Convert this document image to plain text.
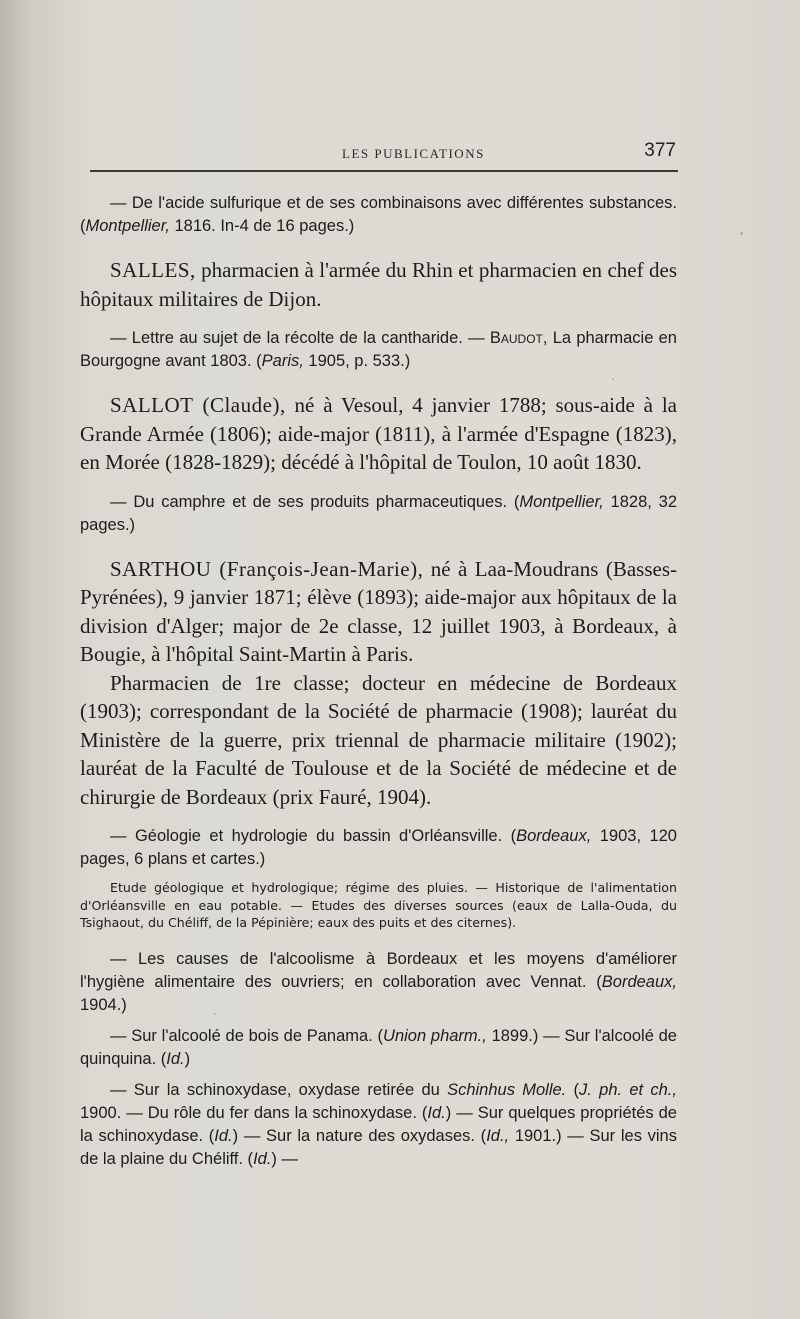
LES PUBLICATIONS	377

— De l'acide sulfurique et de ses combinaisons avec différentes substances. (Montpellier, 1816. In-4 de 16 pages.)

SALLES, pharmacien à l'armée du Rhin et pharmacien en chef des hôpitaux militaires de Dijon.

— Lettre au sujet de la récolte de la cantharide. — Baudot, La pharmacie en Bourgogne avant 1803. (Paris, 1905, p. 533.)

SALLOT (Claude), né à Vesoul, 4 janvier 1788; sous-aide à la Grande Armée (1806); aide-major (1811), à l'armée d'Espagne (1823), en Morée (1828-1829); décédé à l'hôpital de Toulon, 10 août 1830.

— Du camphre et de ses produits pharmaceutiques. (Montpellier, 1828, 32 pages.)

SARTHOU (François-Jean-Marie), né à Laa-Moudrans (Basses-Pyrénées), 9 janvier 1871; élève (1893); aide-major aux hôpitaux de la division d'Alger; major de 2e classe, 12 juillet 1903, à Bordeaux, à Bougie, à l'hôpital Saint-Martin à Paris.

Pharmacien de 1re classe; docteur en médecine de Bordeaux (1903); correspondant de la Société de pharmacie (1908); lauréat du Ministère de la guerre, prix triennal de pharmacie militaire (1902); lauréat de la Faculté de Toulouse et de la Société de médecine et de chirurgie de Bordeaux (prix Fauré, 1904).

— Géologie et hydrologie du bassin d'Orléansville. (Bordeaux, 1903, 120 pages, 6 plans et cartes.)

Etude géologique et hydrologique; régime des pluies. — Historique de l'alimentation d'Orléansville en eau potable. — Etudes des diverses sources (eaux de Lalla-Ouda, du Tsighaout, du Chéliff, de la Pépinière; eaux des puits et des citernes).

— Les causes de l'alcoolisme à Bordeaux et les moyens d'améliorer l'hygiène alimentaire des ouvriers; en collaboration avec Vennat. (Bordeaux, 1904.)

— Sur l'alcoolé de bois de Panama. (Union pharm., 1899.) — Sur l'alcoolé de quinquina. (Id.)

— Sur la schinoxydase, oxydase retirée du Schinhus Molle. (J. ph. et ch., 1900. — Du rôle du fer dans la schinoxydase. (Id.) — Sur quelques propriétés de la schinoxydase. (Id.) — Sur la nature des oxydases. (Id., 1901.) — Sur les vins de la plaine du Chéliff. (Id.) —
